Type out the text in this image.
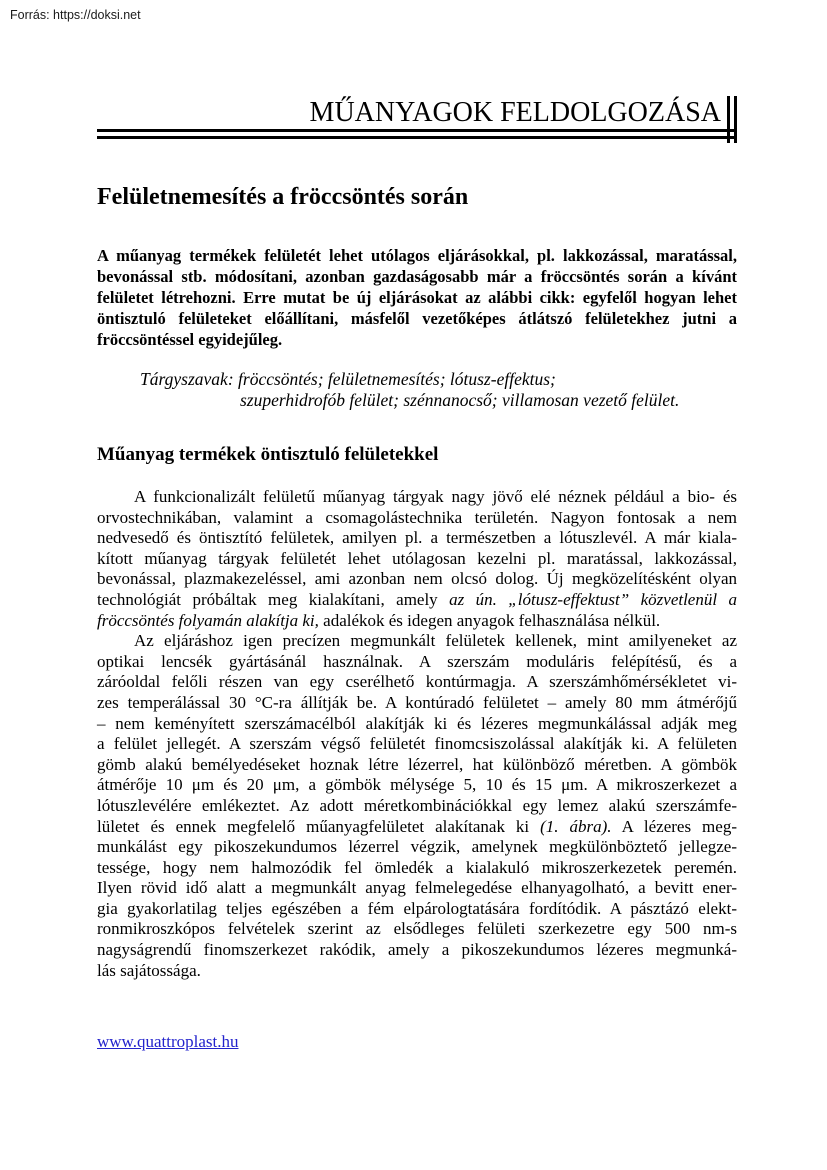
Forrás: https://doksi.net
MŰANYAGOK FELDOLGOZÁSA
Felületnemesítés a fröccsöntés során
A műanyag termékek felületét lehet utólagos eljárásokkal, pl. lakkozással, maratással,
bevonással stb. módosítani, azonban gazdaságosabb már a fröccsöntés során a kívánt
felületet létrehozni. Erre mutat be új eljárásokat az alábbi cikk: egyfelől hogyan lehet
öntisztuló felületeket előállítani, másfelől vezetőképes átlátszó felületekhez jutni a
fröccsöntéssel egyidejűleg.
Tárgyszavak: fröccsöntés; felületnemesítés; lótusz-effektus;
szuperhidrofób felület; szénnanocső; villamosan vezető felület.
Műanyag termékek öntisztuló felületekkel
A funkcionalizált felületű műanyag tárgyak nagy jövő elé néznek például a bio- és
orvostechnikában, valamint a csomagolástechnika területén. Nagyon fontosak a nem
nedvesedő és öntisztító felületek, amilyen pl. a természetben a lótuszlevél. A már kiala-
kított műanyag tárgyak felületét lehet utólagosan kezelni pl. maratással, lakkozással,
bevonással, plazmakezeléssel, ami azonban nem olcsó dolog. Új megközelítésként olyan
technológiát próbáltak meg kialakítani, amely az ún. „lótusz-effektust” közvetlenül a
fröccsöntés folyamán alakítja ki, adalékok és idegen anyagok felhasználása nélkül.
Az eljáráshoz igen precízen megmunkált felületek kellenek, mint amilyeneket az
optikai lencsék gyártásánál használnak. A szerszám moduláris felépítésű, és a
záróoldal felőli részen van egy cserélhető kontúrmagja. A szerszámhőmérsékletet vi-
zes temperálással 30 °C-ra állítják be. A kontúradó felületet – amely 80 mm átmérőjű
– nem keményített szerszámacélból alakítják ki és lézeres megmunkálással adják meg
a felület jellegét. A szerszám végső felületét finomcsiszolással alakítják ki. A felületen
gömb alakú bemélyedéseket hoznak létre lézerrel, hat különböző méretben. A gömbök
átmérője 10 μm és 20 μm, a gömbök mélysége 5, 10 és 15 μm. A mikroszerkezet a
lótuszlevélére emlékeztet. Az adott méretkombinációkkal egy lemez alakú szerszámfe-
lületet és ennek megfelelő műanyagfelületet alakítanak ki (1. ábra). A lézeres meg-
munkálást egy pikoszekundumos lézerrel végzik, amelynek megkülönböztető jellegze-
tessége, hogy nem halmozódik fel ömledék a kialakuló mikroszerkezetek peremén.
Ilyen rövid idő alatt a megmunkált anyag felmelegedése elhanyagolható, a bevitt ener-
gia gyakorlatilag teljes egészében a fém elpárologtatására fordítódik. A pásztázó elekt-
ronmikroszkópos felvételek szerint az elsődleges felületi szerkezetre egy 500 nm-s
nagyságrendű finomszerkezet rakódik, amely a pikoszekundumos lézeres megmunká-
lás sajátossága.
www.quattroplast.hu
